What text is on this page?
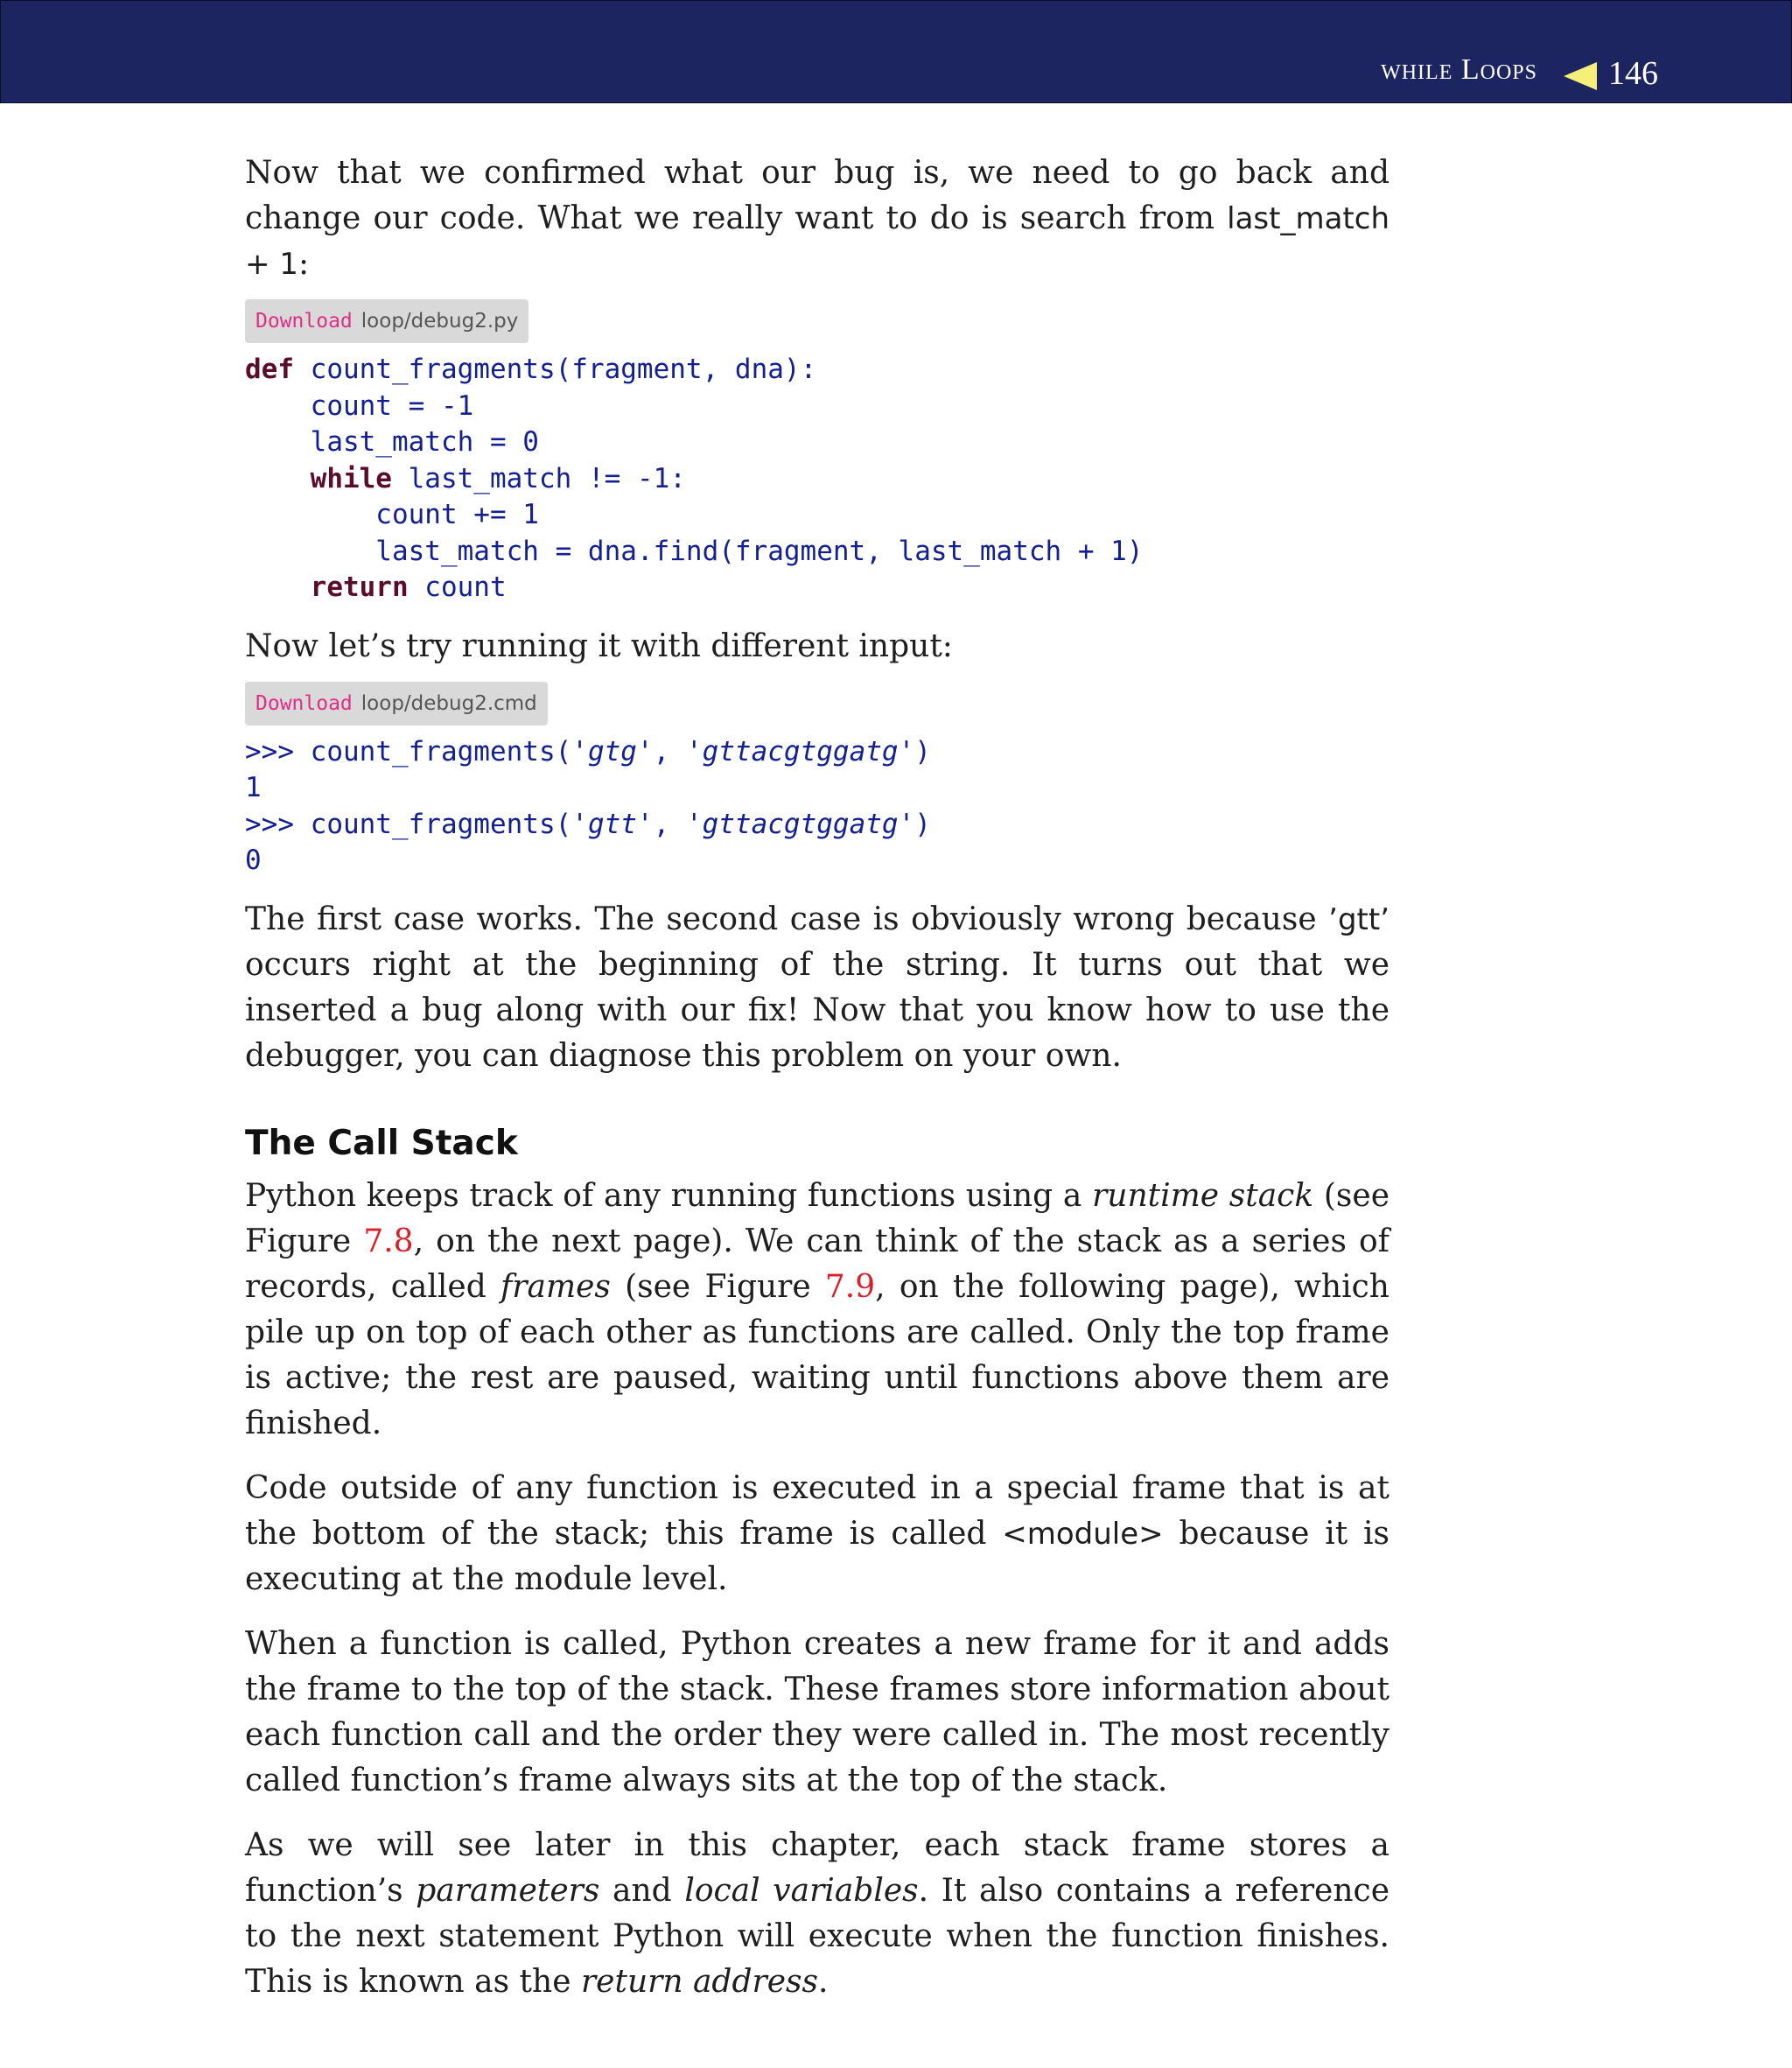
while Loops 146

Now that we confirmed what our bug is, we need to go back and change our code. What we really want to do is search from last_match + 1:

Download loop/debug2.py
def count_fragments(fragment, dna):
count = -1
last_match = 0
while last_match != -1:
count += 1
last_match = dna.find(fragment, last_match + 1)
return count

Now let’s try running it with different input:

Download loop/debug2.cmd
>>> count_fragments('gtg', 'gttacgtggatg')
1
>>> count_fragments('gtt', 'gttacgtggatg')
0

The first case works. The second case is obviously wrong because ’gtt’ occurs right at the beginning of the string. It turns out that we inserted a bug along with our fix! Now that you know how to use the debugger, you can diagnose this problem on your own.

The Call Stack

Python keeps track of any running functions using a runtime stack (see Figure 7.8, on the next page). We can think of the stack as a series of records, called frames (see Figure 7.9, on the following page), which pile up on top of each other as functions are called. Only the top frame is active; the rest are paused, waiting until functions above them are finished.

Code outside of any function is executed in a special frame that is at the bottom of the stack; this frame is called <module> because it is executing at the module level.

When a function is called, Python creates a new frame for it and adds the frame to the top of the stack. These frames store information about each function call and the order they were called in. The most recently called function’s frame always sits at the top of the stack.

As we will see later in this chapter, each stack frame stores a function’s parameters and local variables. It also contains a reference to the next statement Python will execute when the function finishes. This is known as the return address.
